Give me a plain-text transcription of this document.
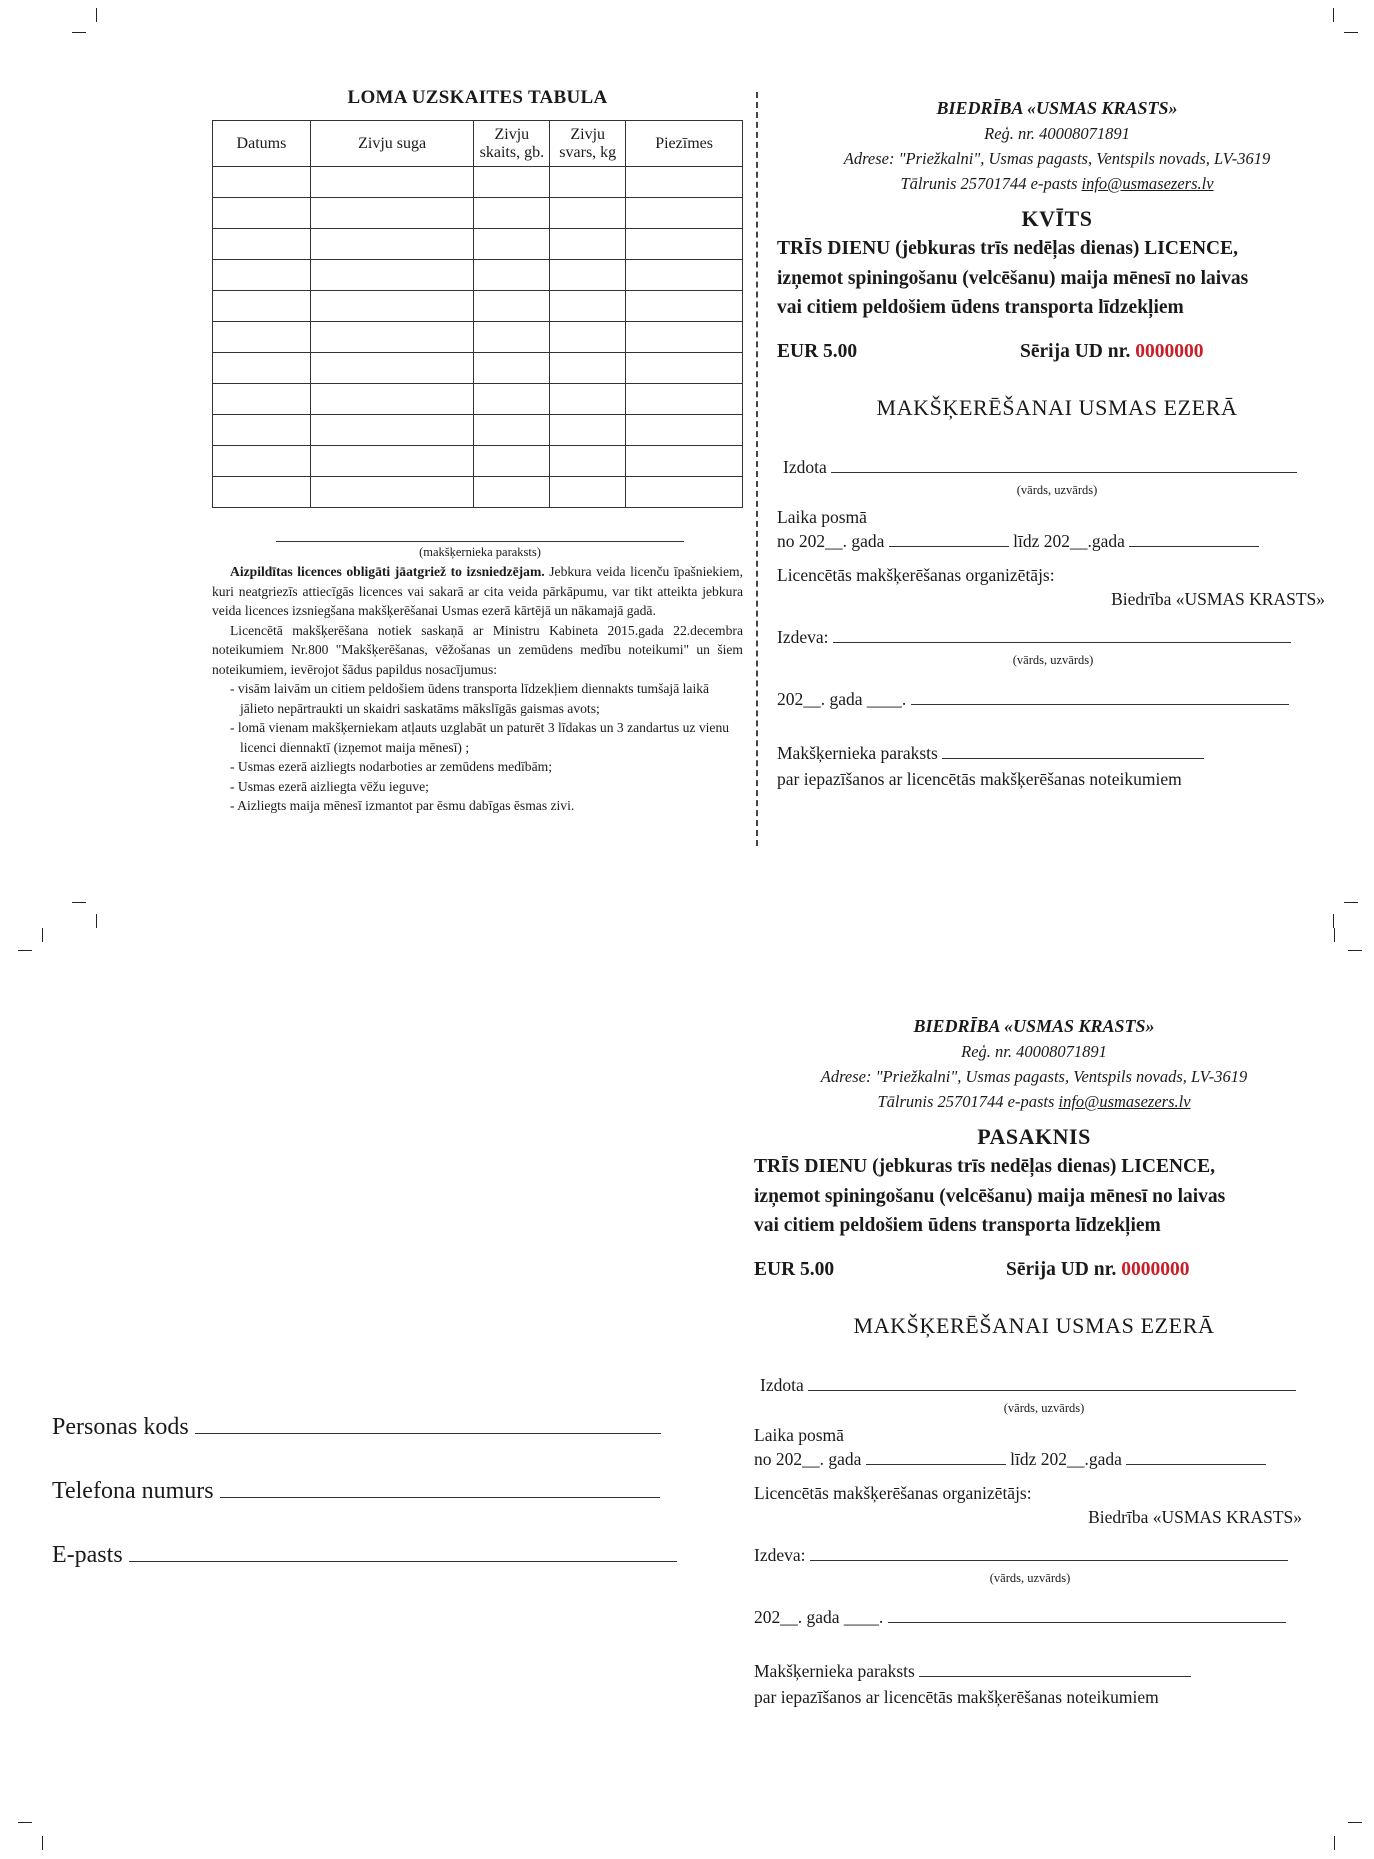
LOMA UZSKAITES TABULA
Datums	Zivju suga	Zivju skaits, gb.	Zivju svars, kg	Piezīmes

(makšķernieka paraksts)

Aizpildītas licences obligāti jāatgriež to izsniedzējam. Jebkura veida licenču īpašniekiem, kuri neatgriezīs attiecīgās licences vai sakarā ar cita veida pārkāpumu, var tikt atteikta jebkura veida licences izsniegšana makšķerēšanai Usmas ezerā kārtējā un nākamajā gadā.

Licencētā makšķerēšana notiek saskaņā ar Ministru Kabineta 2015.gada 22.decembra noteikumiem Nr.800 "Makšķerēšanas, vēžošanas un zemūdens medību noteikumi" un šiem noteikumiem, ievērojot šādus papildus nosacījumus:

- visām laivām un citiem peldošiem ūdens transporta līdzekļiem diennakts tumšajā laikā jālieto nepārtraukti un skaidri saskatāms mākslīgās gaismas avots;
- lomā vienam makšķerniekam atļauts uzglabāt un paturēt 3 līdakas un 3 zandartus uz vienu licenci diennaktī (izņemot maija mēnesī) ;
- Usmas ezerā aizliegts nodarboties ar zemūdens medībām;
- Usmas ezerā aizliegta vēžu ieguve;
- Aizliegts maija mēnesī izmantot par ēsmu dabīgas ēsmas zivi.
BIEDRĪBA «USMAS KRASTS»
Reģ. nr. 40008071891
Adrese: "Priežkalni", Usmas pagasts, Ventspils novads, LV-3619
Tālrunis 25701744 e-pasts info@usmasezers.lv
KVĪTS
TRĪS DIENU (jebkuras trīs nedēļas dienas) LICENCE,
izņemot spiningošanu (velcēšanu) maija mēnesī no laivas
vai citiem peldošiem ūdens transporta līdzekļiem
EUR 5.00	Sērija UD nr. 0000000
MAKŠĶERĒŠANAI USMAS EZERĀ
Izdota
(vārds, uzvārds)
Laika posmā
no 202__. gada	līdz 202__.gada
Licencētās makšķerēšanas organizētājs:
Biedrība «USMAS KRASTS»
Izdeva:
(vārds, uzvārds)
202__. gada ____.
Makšķernieka paraksts
par iepazīšanos ar licencētās makšķerēšanas noteikumiem
BIEDRĪBA «USMAS KRASTS»
Reģ. nr. 40008071891
Adrese: "Priežkalni", Usmas pagasts, Ventspils novads, LV-3619
Tālrunis 25701744 e-pasts info@usmasezers.lv
PASAKNIS
TRĪS DIENU (jebkuras trīs nedēļas dienas) LICENCE,
izņemot spiningošanu (velcēšanu) maija mēnesī no laivas
vai citiem peldošiem ūdens transporta līdzekļiem
EUR 5.00	Sērija UD nr. 0000000
MAKŠĶERĒŠANAI USMAS EZERĀ
Izdota
(vārds, uzvārds)
Laika posmā
no 202__. gada	līdz 202__.gada
Licencētās makšķerēšanas organizētājs:
Biedrība «USMAS KRASTS»
Izdeva:
(vārds, uzvārds)
202__. gada ____.
Makšķernieka paraksts
par iepazīšanos ar licencētās makšķerēšanas noteikumiem
Personas kods
Telefona numurs
E-pasts
